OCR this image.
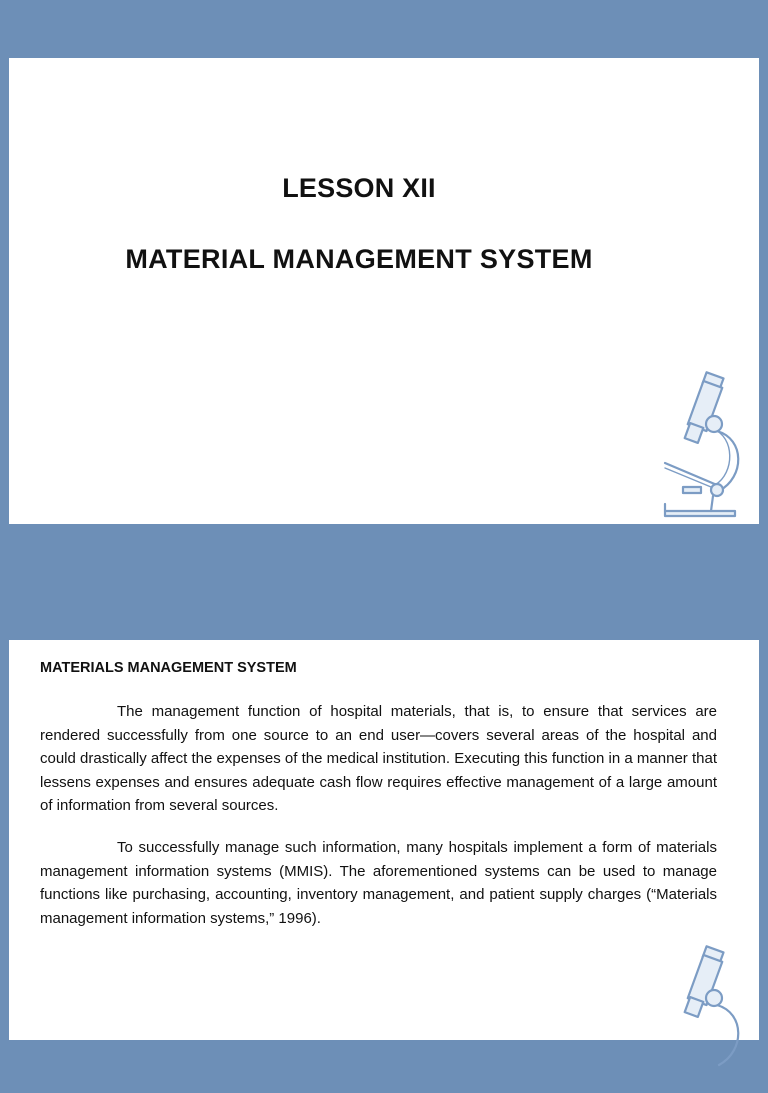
LESSON XII
MATERIAL MANAGEMENT SYSTEM
MATERIALS MANAGEMENT SYSTEM

The management function of hospital materials, that is, to ensure that services are rendered successfully from one source to an end user—covers several areas of the hospital and could drastically affect the expenses of the medical institution. Executing this function in a manner that lessens expenses and ensures adequate cash flow requires effective management of a large amount of information from several sources.

To successfully manage such information, many hospitals implement a form of materials management information systems (MMIS). The aforementioned systems can be used to manage functions like purchasing, accounting, inventory management, and patient supply charges (“Materials management information systems,” 1996).
